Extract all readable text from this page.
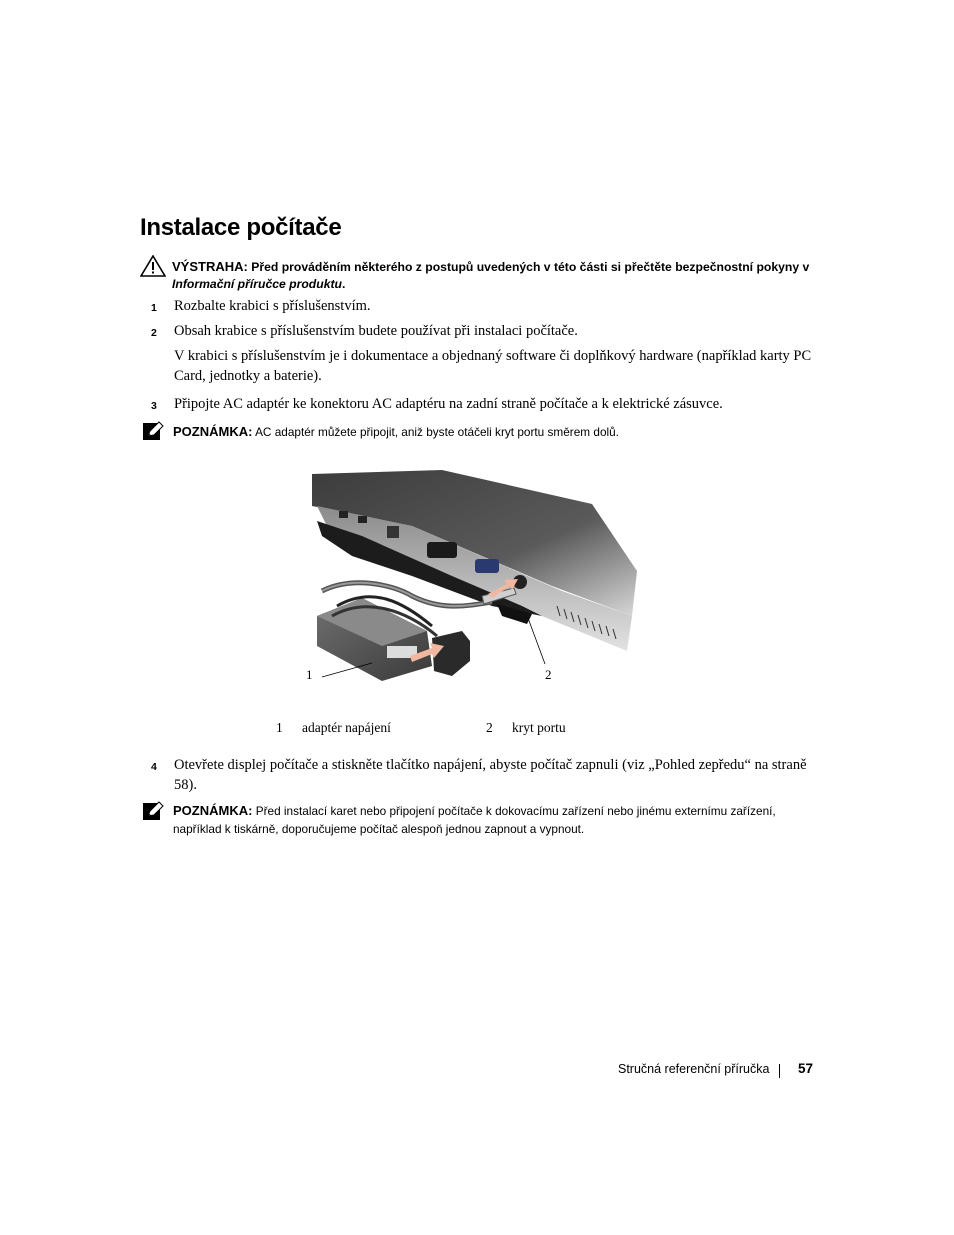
Instalace počítače
VÝSTRAHA: Před prováděním některého z postupů uvedených v této části si přečtěte bezpečnostní pokyny v Informační příručce produktu.
1 Rozbalte krabici s příslušenstvím.
2 Obsah krabice s příslušenstvím budete používat při instalaci počítače.
V krabici s příslušenstvím je i dokumentace a objednaný software či doplňkový hardware (například karty PC Card, jednotky a baterie).
3 Připojte AC adaptér ke konektoru AC adaptéru na zadní straně počítače a k elektrické zásuvce.
POZNÁMKA: AC adaptér můžete připojit, aniž byste otáčeli kryt portu směrem dolů.
1	2
1 adaptér napájení	2 kryt portu
4 Otevřete displej počítače a stiskněte tlačítko napájení, abyste počítač zapnuli (viz „Pohled zepředu“ na straně 58).
POZNÁMKA: Před instalací karet nebo připojení počítače k dokovacímu zařízení nebo jinému externímu zařízení, například k tiskárně, doporučujeme počítač alespoň jednou zapnout a vypnout.
Stručná referenční příručka 57
